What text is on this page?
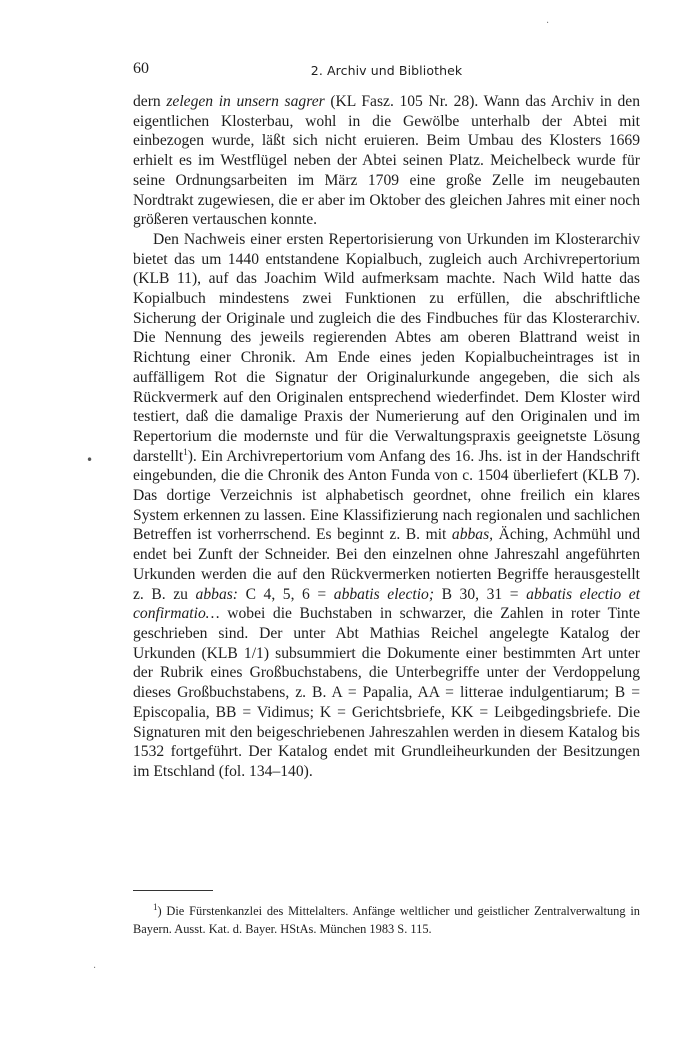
60	2. Archiv und Bibliothek

dern zelegen in unsern sagrer (KL Fasz. 105 Nr. 28). Wann das Archiv in den eigentlichen Klosterbau, wohl in die Gewölbe unterhalb der Abtei mit einbezogen wurde, läßt sich nicht eruieren. Beim Umbau des Klosters 1669 erhielt es im Westflügel neben der Abtei seinen Platz. Meichelbeck wurde für seine Ordnungsarbeiten im März 1709 eine große Zelle im neugebauten Nordtrakt zugewiesen, die er aber im Oktober des gleichen Jahres mit einer noch größeren vertauschen konnte.

Den Nachweis einer ersten Repertorisierung von Urkunden im Klosterarchiv bietet das um 1440 entstandene Kopialbuch, zugleich auch Archivrepertorium (KLB 11), auf das Joachim Wild aufmerksam machte. Nach Wild hatte das Kopialbuch mindestens zwei Funktionen zu erfüllen, die abschriftliche Sicherung der Originale und zugleich die des Findbuches für das Klosterarchiv. Die Nennung des jeweils regierenden Abtes am oberen Blattrand weist in Richtung einer Chronik. Am Ende eines jeden Kopialbucheintrages ist in auffälligem Rot die Signatur der Originalurkunde angegeben, die sich als Rückvermerk auf den Originalen entsprechend wiederfindet. Dem Kloster wird testiert, daß die damalige Praxis der Numerierung auf den Originalen und im Repertorium die modernste und für die Verwaltungspraxis geeignetste Lösung darstellt$^1$). Ein Archivrepertorium vom Anfang des 16. Jhs. ist in der Handschrift eingebunden, die die Chronik des Anton Funda von c. 1504 überliefert (KLB 7). Das dortige Verzeichnis ist alphabetisch geordnet, ohne freilich ein klares System erkennen zu lassen. Eine Klassifizierung nach regionalen und sachlichen Betreffen ist vorherrschend. Es beginnt z. B. mit abbas, Äching, Achmühl und endet bei Zunft der Schneider. Bei den einzelnen ohne Jahreszahl angeführten Urkunden werden die auf den Rückvermerken notierten Begriffe herausgestellt z. B. zu abbas: C 4, 5, 6 = abbatis electio; B 30, 31 = abbatis electio et confirmatio… wobei die Buchstaben in schwarzer, die Zahlen in roter Tinte geschrieben sind. Der unter Abt Mathias Reichel angelegte Katalog der Urkunden (KLB 1/1) subsummiert die Dokumente einer bestimmten Art unter der Rubrik eines Großbuchstabens, die Unterbegriffe unter der Verdoppelung dieses Großbuchstabens, z. B. A = Papalia, AA = litterae indulgentiarum; B = Episcopalia, BB = Vidimus; K = Gerichtsbriefe, KK = Leibgedingsbriefe. Die Signaturen mit den beigeschriebenen Jahreszahlen werden in diesem Katalog bis 1532 fortgeführt. Der Katalog endet mit Grundleiheurkunden der Besitzungen im Etschland (fol. 134–140).

$^1$) Die Fürstenkanzlei des Mittelalters. Anfänge weltlicher und geistlicher Zentralverwaltung in Bayern. Ausst. Kat. d. Bayer. HStAs. München 1983 S. 115.

•
·
·
